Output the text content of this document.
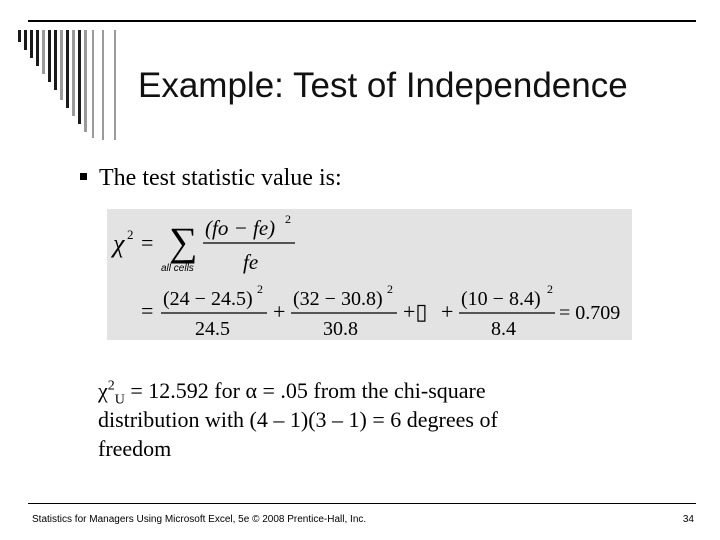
Example: Test of Independence
The test statistic value is:
χ 2 = ∑
all cells
(fo − fe) 2
fe
= (24 − 24.5) 2
24.5
+ (32 − 30.8) 2
30.8
+▯ + (10 − 8.4) 2
8.4
= 0.709
$\chi^2_U = 12.592$ for α = .05 from the chi-square
distribution with (4 – 1)(3 – 1) = 6 degrees of
freedom
Statistics for Managers Using Microsoft Excel, 5e © 2008 Prentice-Hall, Inc.	34
